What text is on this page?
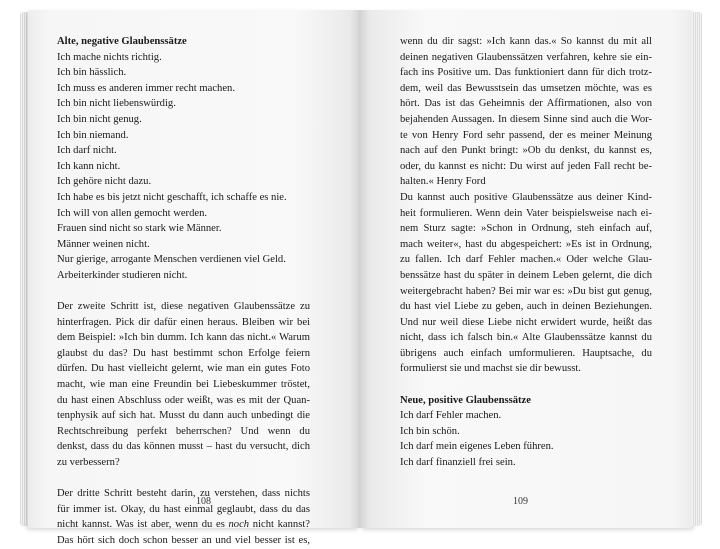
Alte, negative Glaubenssätze
Ich mache nichts richtig.
Ich bin hässlich.
Ich muss es anderen immer recht machen.
Ich bin nicht liebenswürdig.
Ich bin nicht genug.
Ich bin niemand.
Ich darf nicht.
Ich kann nicht.
Ich gehöre nicht dazu.
Ich habe es bis jetzt nicht geschafft, ich schaffe es nie.
Ich will von allen gemocht werden.
Frauen sind nicht so stark wie Männer.
Männer weinen nicht.
Nur gierige, arrogante Menschen verdienen viel Geld.
Arbeiterkinder studieren nicht.
Der zweite Schritt ist, diese negativen Glaubenssätze zu
hinterfragen. Pick dir dafür einen heraus. Bleiben wir bei
dem Beispiel: »Ich bin dumm. Ich kann das nicht.« Warum
glaubst du das? Du hast bestimmt schon Erfolge feiern
dürfen. Du hast vielleicht gelernt, wie man ein gutes Foto
macht, wie man eine Freundin bei Liebeskummer tröstet,
du hast einen Abschluss oder weißt, was es mit der Quan-
tenphysik auf sich hat. Musst du dann auch unbedingt die
Rechtschreibung perfekt beherrschen? Und wenn du
denkst, dass du das können musst – hast du versucht, dich
zu verbessern?
Der dritte Schritt besteht darin, zu verstehen, dass nichts
für immer ist. Okay, du hast einmal geglaubt, dass du das
nicht kannst. Was ist aber, wenn du es noch nicht kannst?
Das hört sich doch schon besser an und viel besser ist es,
108
wenn du dir sagst: »Ich kann das.« So kannst du mit all
deinen negativen Glaubenssätzen verfahren, kehre sie ein-
fach ins Positive um. Das funktioniert dann für dich trotz-
dem, weil das Bewusstsein das umsetzen möchte, was es
hört. Das ist das Geheimnis der Affirmationen, also von
bejahenden Aussagen. In diesem Sinne sind auch die Wor-
te von Henry Ford sehr passend, der es meiner Meinung
nach auf den Punkt bringt: »Ob du denkst, du kannst es,
oder, du kannst es nicht: Du wirst auf jeden Fall recht be-
halten.« Henry Ford
Du kannst auch positive Glaubenssätze aus deiner Kind-
heit formulieren. Wenn dein Vater beispielsweise nach ei-
nem Sturz sagte: »Schon in Ordnung, steh einfach auf,
mach weiter«, hast du abgespeichert: »Es ist in Ordnung,
zu fallen. Ich darf Fehler machen.« Oder welche Glau-
benssätze hast du später in deinem Leben gelernt, die dich
weitergebracht haben? Bei mir war es: »Du bist gut genug,
du hast viel Liebe zu geben, auch in deinen Beziehungen.
Und nur weil diese Liebe nicht erwidert wurde, heißt das
nicht, dass ich falsch bin.« Alte Glaubenssätze kannst du
übrigens auch einfach umformulieren. Hauptsache, du
formulierst sie und machst sie dir bewusst.
Neue, positive Glaubenssätze
Ich darf Fehler machen.
Ich bin schön.
Ich darf mein eigenes Leben führen.
Ich darf finanziell frei sein.
109
